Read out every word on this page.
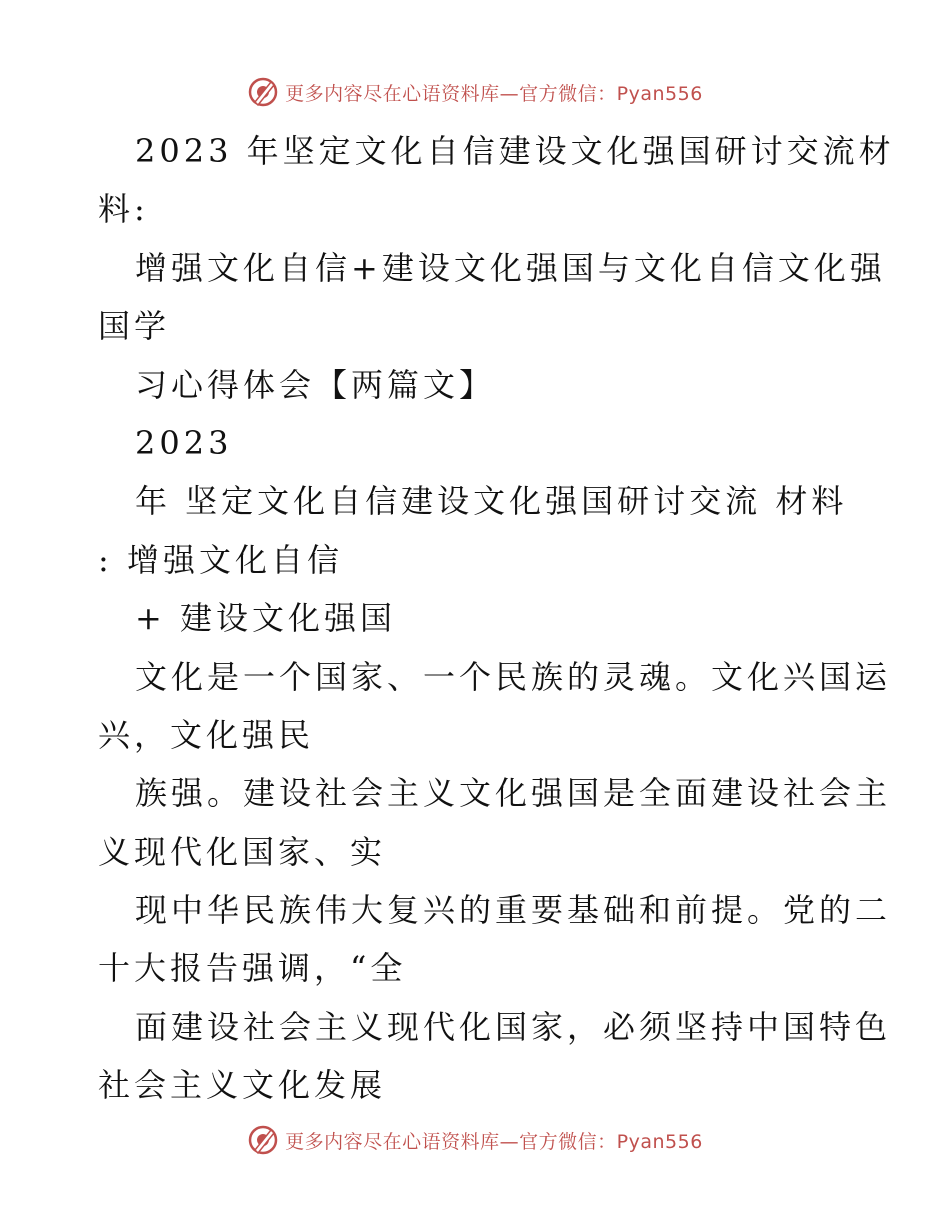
更多内容尽在心语资料库—官方微信：Pyan556
2023 年坚定文化自信建设文化强国研讨交流材
料:
增强文化自信+建设文化强国与文化自信文化强
国学
习心得体会【两篇文】
2023
年 坚定文化自信建设文化强国研讨交流 材料
: 增强文化自信
+ 建设文化强国
文化是一个国家、一个民族的灵魂。文化兴国运
兴，文化强民
族强。建设社会主义文化强国是全面建设社会主
义现代化国家、实
现中华民族伟大复兴的重要基础和前提。党的二
十大报告强调，“全
面建设社会主义现代化国家，必须坚持中国特色
社会主义文化发展
更多内容尽在心语资料库—官方微信：Pyan556
